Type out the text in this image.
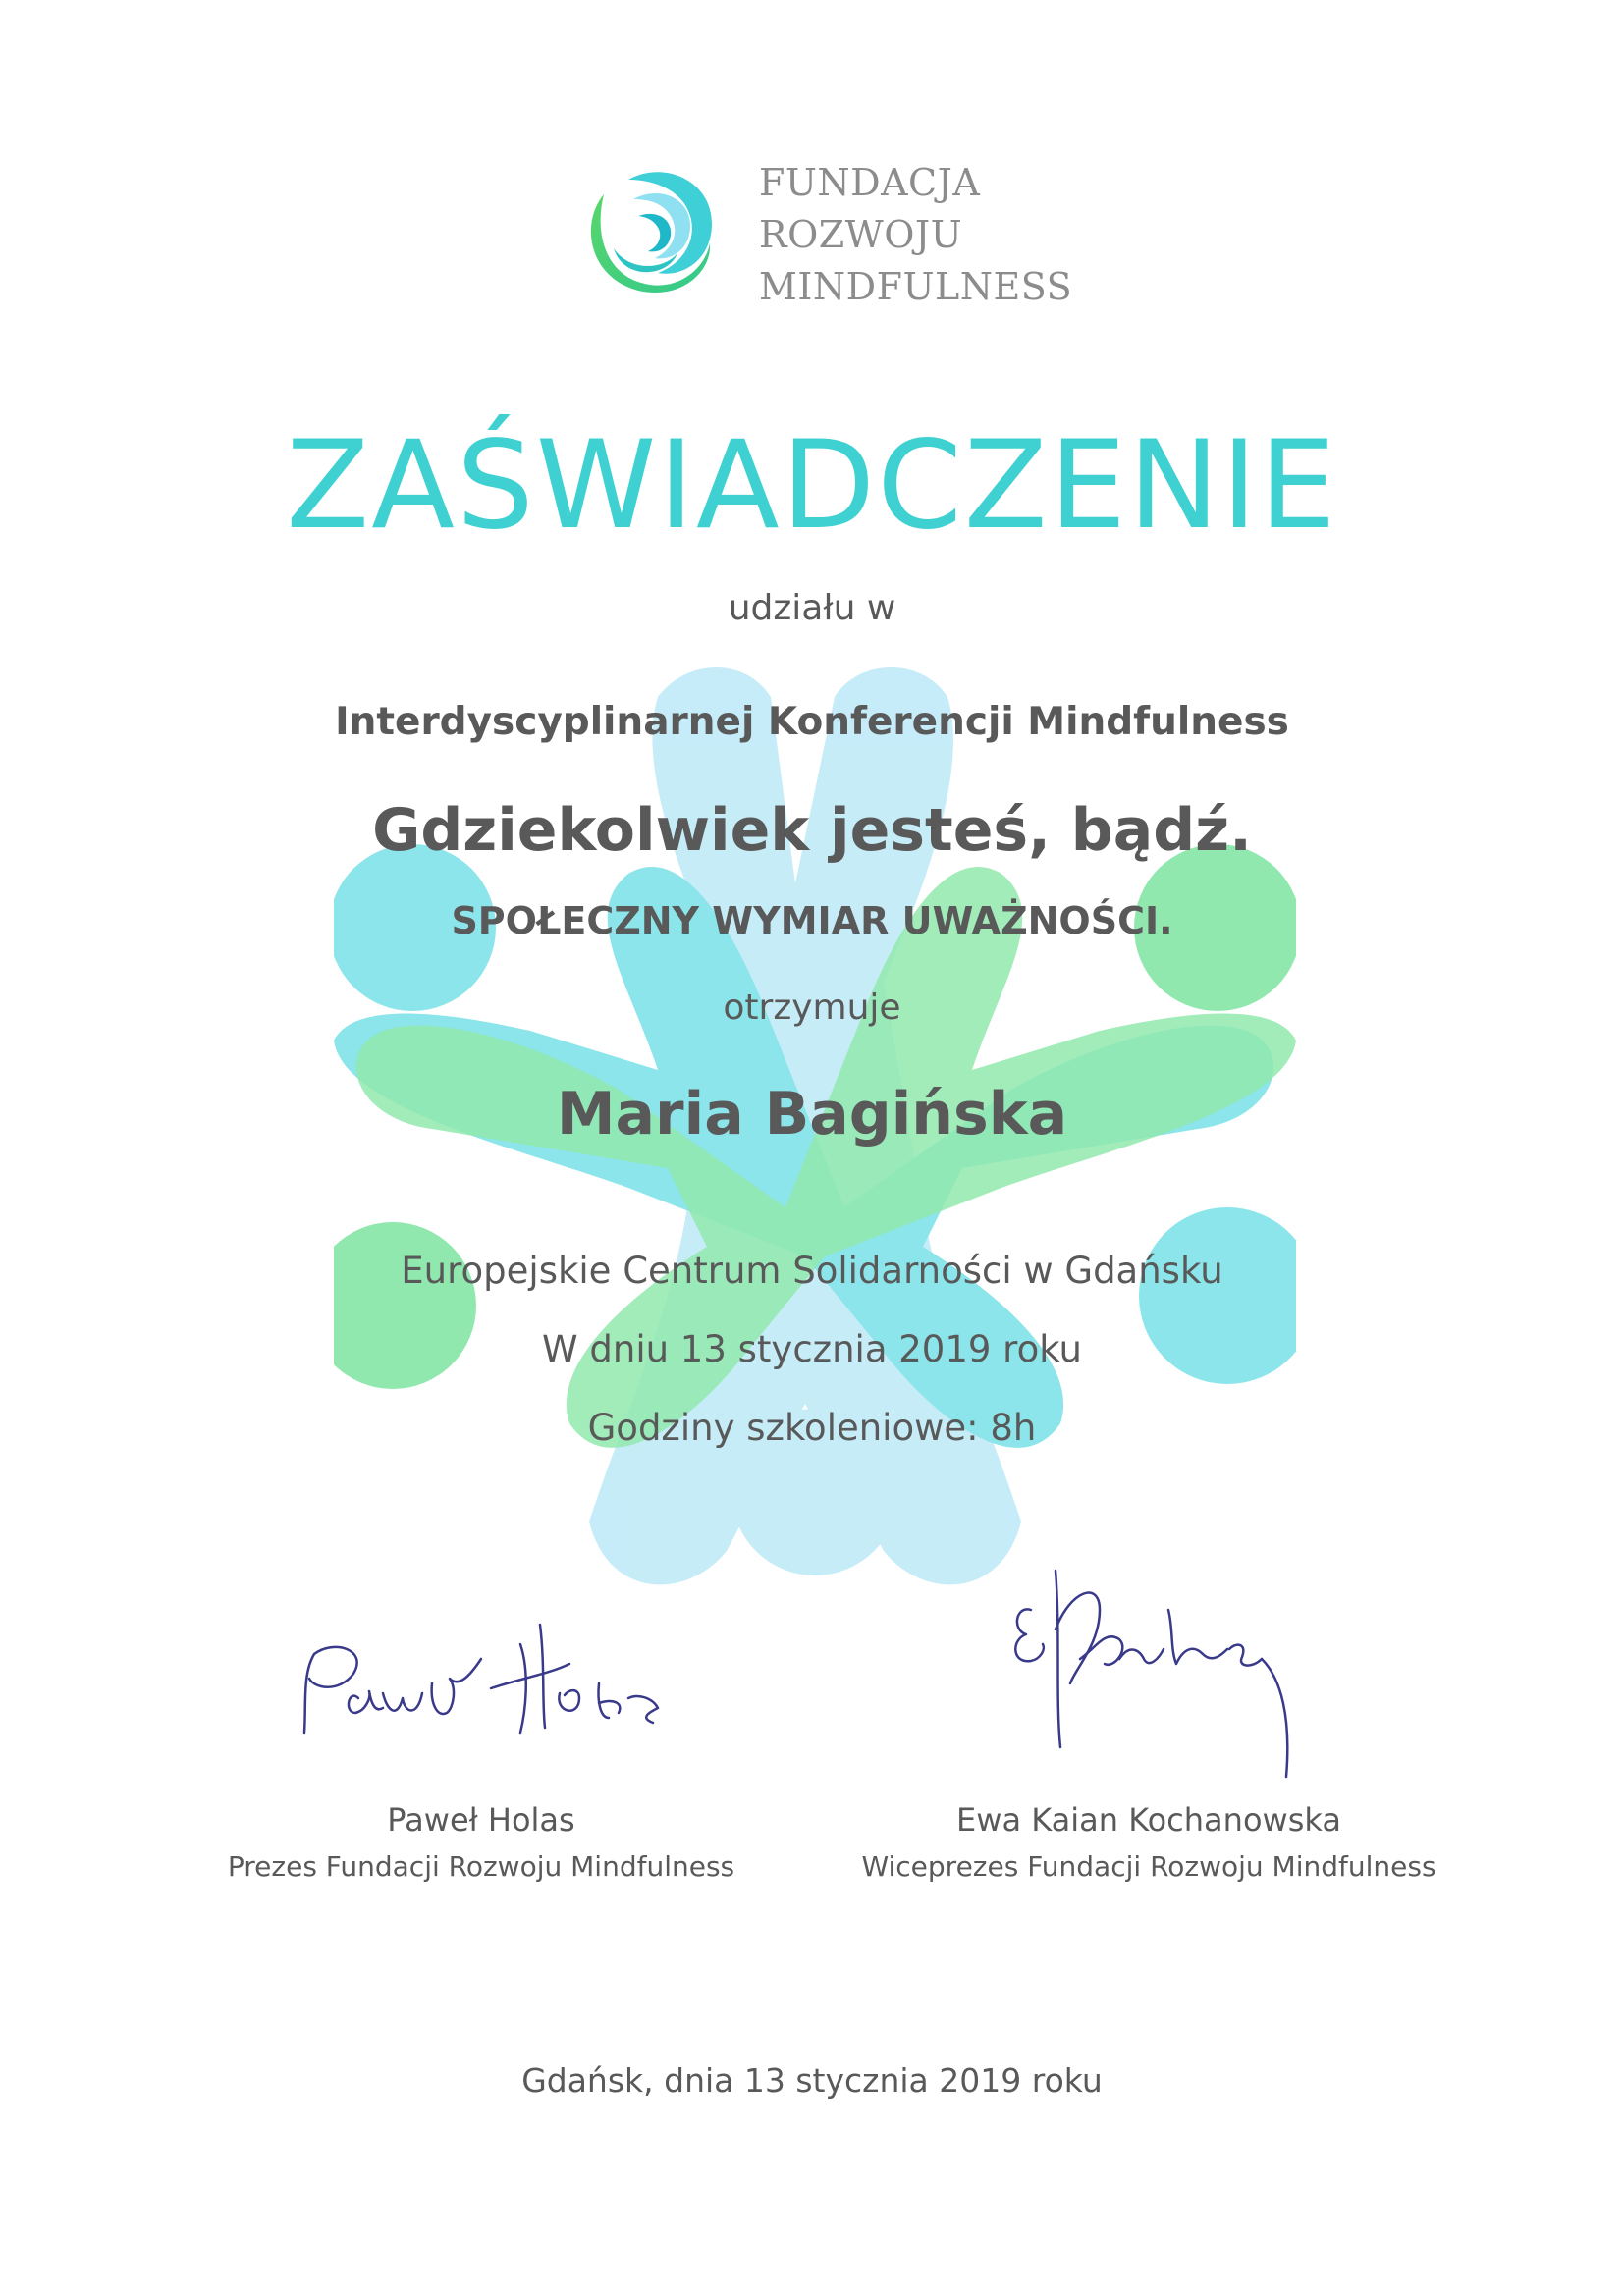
FUNDACJA
ROZWOJU
MINDFULNESS
ZAŚWIADCZENIE
udziału w
Interdyscyplinarnej Konferencji Mindfulness
Gdziekolwiek jesteś, bądź.
SPOŁECZNY WYMIAR UWAŻNOŚCI.
otrzymuje
Maria Bagińska
Europejskie Centrum Solidarności w Gdańsku
W dniu 13 stycznia 2019 roku
Godziny szkoleniowe: 8h
Paweł Holas
Prezes Fundacji Rozwoju Mindfulness
Ewa Kaian Kochanowska
Wiceprezes Fundacji Rozwoju Mindfulness
Gdańsk, dnia 13 stycznia 2019 roku
